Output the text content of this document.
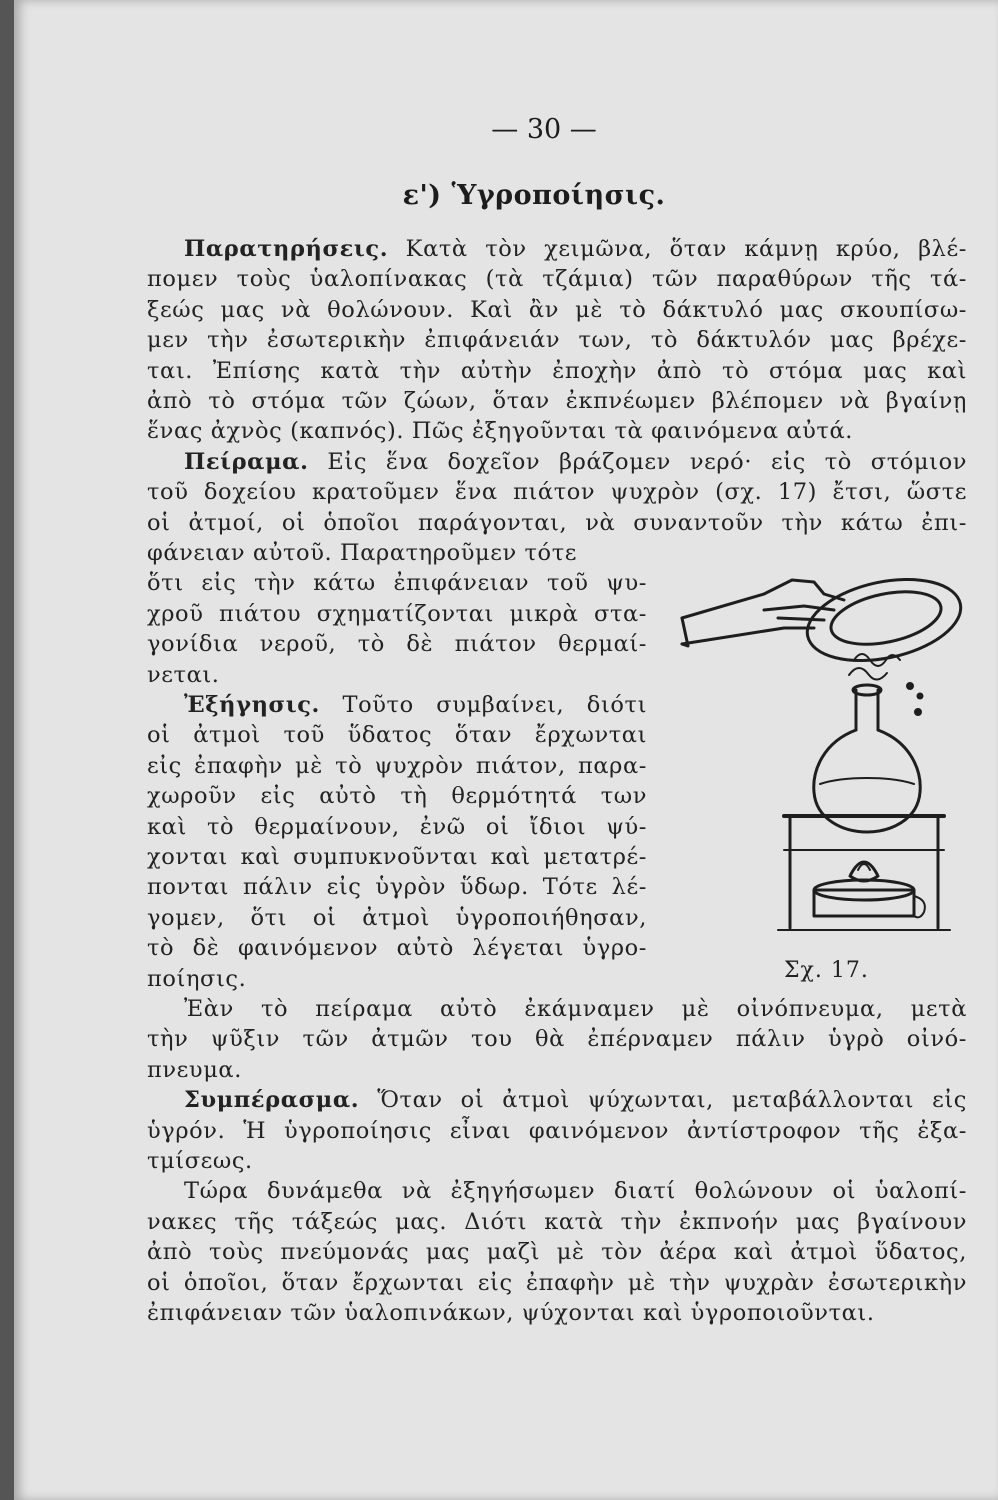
— 30 —
ε') Ὑγροποίησις.
Παρατηρήσεις. Κατὰ τὸν χειμῶνα, ὅταν κάμνῃ κρύο, βλέ-
πομεν τοὺς ὑαλοπίνακας (τὰ τζάμια) τῶν παραθύρων τῆς τά-
ξεώς μας νὰ θολώνουν. Καὶ ἂν μὲ τὸ δάκτυλό μας σκουπίσω-
μεν τὴν ἐσωτερικὴν ἐπιφάνειάν των, τὸ δάκτυλόν μας βρέχε-
ται. Ἐπίσης κατὰ τὴν αὐτὴν ἐποχὴν ἀπὸ τὸ στόμα μας καὶ
ἀπὸ τὸ στόμα τῶν ζώων, ὅταν ἐκπνέωμεν βλέπομεν νὰ βγαίνῃ
ἕνας ἀχνὸς (καπνός). Πῶς ἐξηγοῦνται τὰ φαινόμενα αὐτά.
Πείραμα. Εἰς ἕνα δοχεῖον βράζομεν νερό· εἰς τὸ στόμιον
τοῦ δοχείου κρατοῦμεν ἕνα πιάτον ψυχρὸν (σχ. 17) ἔτσι, ὥστε
οἱ ἀτμοί, οἱ ὁποῖοι παράγονται, νὰ συναντοῦν τὴν κάτω ἐπι-
φάνειαν αὐτοῦ. Παρατηροῦμεν τότε
ὅτι εἰς τὴν κάτω ἐπιφάνειαν τοῦ ψυ-
χροῦ πιάτου σχηματίζονται μικρὰ στα-
γονίδια νεροῦ, τὸ δὲ πιάτον θερμαί-
νεται.
Ἐξήγησις. Τοῦτο συμβαίνει, διότι
οἱ ἀτμοὶ τοῦ ὕδατος ὅταν ἔρχωνται
εἰς ἐπαφὴν μὲ τὸ ψυχρὸν πιάτον, παρα-
χωροῦν εἰς αὐτὸ τὴ θερμότητά των
καὶ τὸ θερμαίνουν, ἐνῶ οἱ ἴδιοι ψύ-
χονται καὶ συμπυκνοῦνται καὶ μετατρέ-
πονται πάλιν εἰς ὑγρὸν ὕδωρ. Τότε λέ-
γομεν, ὅτι οἱ ἀτμοὶ ὑγροποιήθησαν,
τὸ δὲ φαινόμενον αὐτὸ λέγεται ὑγρο-
ποίησις.
Ἐὰν τὸ πείραμα αὐτὸ ἐκάμναμεν μὲ οἰνόπνευμα, μετὰ
τὴν ψῦξιν τῶν ἀτμῶν του θὰ ἐπέρναμεν πάλιν ὑγρὸ οἰνό-
πνευμα.
Συμπέρασμα. Ὅταν οἱ ἀτμοὶ ψύχωνται, μεταβάλλονται εἰς
ὑγρόν. Ἡ ὑγροποίησις εἶναι φαινόμενον ἀντίστροφον τῆς ἐξα-
τμίσεως.
Τώρα δυνάμεθα νὰ ἐξηγήσωμεν διατί θολώνουν οἱ ὑαλοπί-
νακες τῆς τάξεώς μας. Διότι κατὰ τὴν ἐκπνοήν μας βγαίνουν
ἀπὸ τοὺς πνεύμονάς μας μαζὶ μὲ τὸν ἀέρα καὶ ἀτμοὶ ὕδατος,
οἱ ὁποῖοι, ὅταν ἔρχωνται εἰς ἐπαφὴν μὲ τὴν ψυχρὰν ἐσωτερικὴν
ἐπιφάνειαν τῶν ὑαλοπινάκων, ψύχονται καὶ ὑγροποιοῦνται.
Σχ. 17.
